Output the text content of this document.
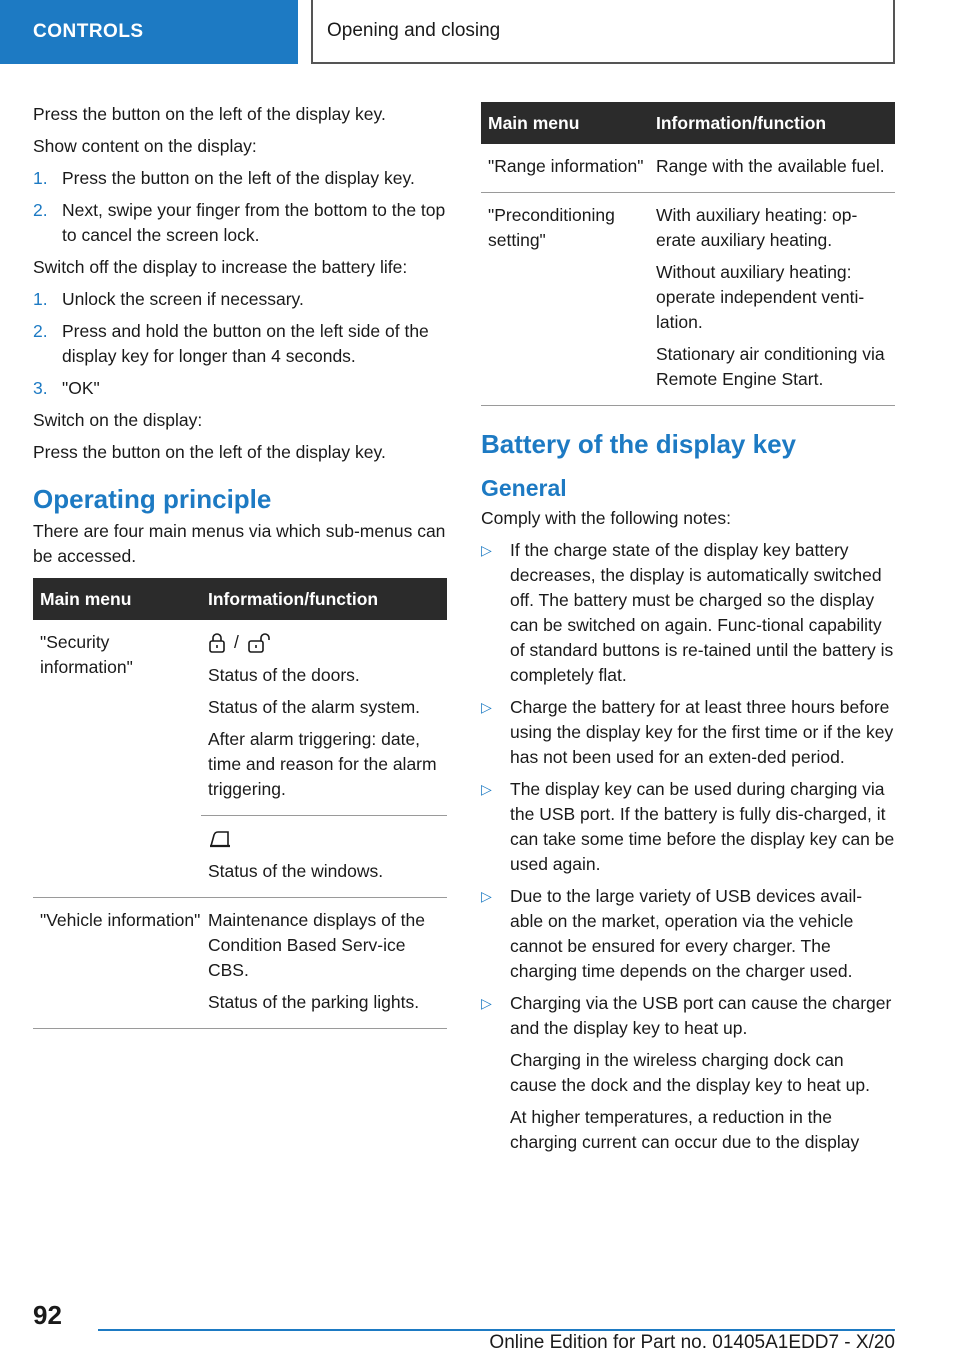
CONTROLS	Opening and closing

Press the button on the left of the display key.

Show content on the display:

1. Press the button on the left of the display key.
2. Next, swipe your finger from the bottom to the top to cancel the screen lock.

Switch off the display to increase the battery life:

1. Unlock the screen if necessary.
2. Press and hold the button on the left side of the display key for longer than 4 seconds.
3. "OK"

Switch on the display:

Press the button on the left of the display key.

Operating principle

There are four main menus via which sub-menus can be accessed.

Main menu	Information/function
"Security information"	/

Status of the doors.

Status of the alarm system.

After alarm triggering: date, time and reason for the alarm triggering.

	Status of the windows.

"Vehicle information"	Maintenance displays of the Condition Based Serv-ice CBS.

Status of the parking lights.

Main menu	Information/function
"Range information"	Range with the available fuel.

"Preconditioning setting"	With auxiliary heating: op-erate auxiliary heating.

Without auxiliary heating: operate independent venti-lation.

Stationary air conditioning via Remote Engine Start.

Battery of the display key
General

Comply with the following notes:

▷ If the charge state of the display key battery decreases, the display is automatically switched off. The battery must be charged so the display can be switched on again. Func-tional capability of standard buttons is re-tained until the battery is completely flat.
▷ Charge the battery for at least three hours before using the display key for the first time or if the key has not been used for an exten-ded period.
▷ The display key can be used during charging via the USB port. If the battery is fully dis-charged, it can take some time before the display key can be used again.
▷ Due to the large variety of USB devices avail-able on the market, operation via the vehicle cannot be ensured for every charger. The charging time depends on the charger used.
▷ Charging via the USB port can cause the charger and the display key to heat up.

Charging in the wireless charging dock can cause the dock and the display key to heat up.

At higher temperatures, a reduction in the charging current can occur due to the display

92
Online Edition for Part no. 01405A1EDD7 - X/20
